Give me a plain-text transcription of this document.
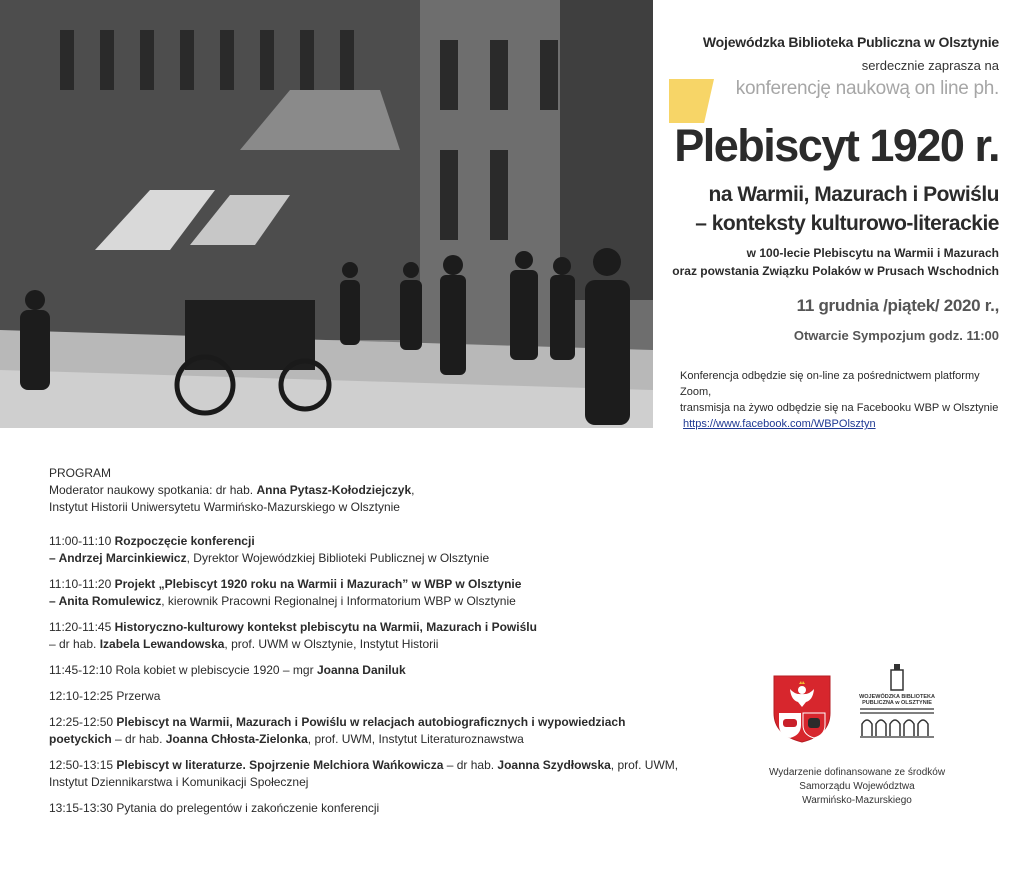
Wojewódzka Biblioteka Publiczna w Olsztynie
serdecznie zaprasza na
konferencję naukową on line ph.
Plebiscyt 1920 r.
na Warmii, Mazurach i Powiślu
– konteksty kulturowo-literackie
w 100-lecie Plebiscytu na Warmii i Mazurach
oraz powstania Związku Polaków w Prusach Wschodnich
11 grudnia /piątek/ 2020 r.,
Otwarcie Sympozjum godz. 11:00
Konferencja odbędzie się on-line za pośrednictwem platformy Zoom,
transmisja na żywo odbędzie się na Facebooku WBP w Olsztynie
https://www.facebook.com/WBPOlsztyn
PROGRAM
Moderator naukowy spotkania: dr hab. Anna Pytasz-Kołodziejczyk,
Instytut Historii Uniwersytetu Warmińsko-Mazurskiego w Olsztynie
11:00-11:10 Rozpoczęcie konferencji
– Andrzej Marcinkiewicz, Dyrektor Wojewódzkiej Biblioteki Publicznej w Olsztynie
11:10-11:20 Projekt „Plebiscyt 1920 roku na Warmii i Mazurach” w WBP w Olsztynie
– Anita Romulewicz, kierownik Pracowni Regionalnej i Informatorium WBP w Olsztynie
11:20-11:45 Historyczno-kulturowy kontekst plebiscytu na Warmii, Mazurach i Powiślu
– dr hab. Izabela Lewandowska, prof. UWM w Olsztynie, Instytut Historii
11:45-12:10 Rola kobiet w plebiscycie 1920 – mgr Joanna Daniluk
12:10-12:25 Przerwa
12:25-12:50 Plebiscyt na Warmii, Mazurach i Powiślu w relacjach autobiograficznych i wypowiedziach
poetyckich – dr hab. Joanna Chłosta-Zielonka, prof. UWM, Instytut Literaturoznawstwa
12:50-13:15 Plebiscyt w literaturze. Spojrzenie Melchiora Wańkowicza – dr hab. Joanna Szydłowska, prof. UWM,
Instytut Dziennikarstwa i Komunikacji Społecznej
13:15-13:30 Pytania do prelegentów i zakończenie konferencji
WOJEWÓDZKA BIBLIOTEKA PUBLICZNA w OLSZTYNIE
Wydarzenie dofinansowane ze środków
Samorządu Województwa
Warmińsko-Mazurskiego
